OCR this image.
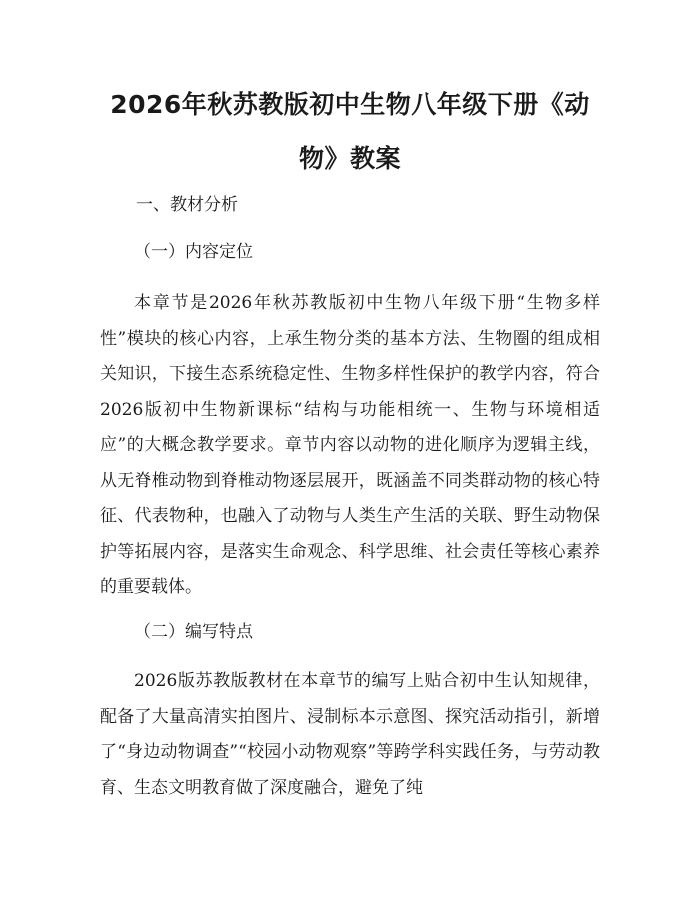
2026年秋苏教版初中生物八年级下册《动物》教案

一、教材分析

（一）内容定位

本章节是2026年秋苏教版初中生物八年级下册“生物多样性”模块的核心内容，上承生物分类的基本方法、生物圈的组成相关知识，下接生态系统稳定性、生物多样性保护的教学内容，符合2026版初中生物新课标“结构与功能相统一、生物与环境相适应”的大概念教学要求。章节内容以动物的进化顺序为逻辑主线，从无脊椎动物到脊椎动物逐层展开，既涵盖不同类群动物的核心特征、代表物种，也融入了动物与人类生产生活的关联、野生动物保护等拓展内容，是落实生命观念、科学思维、社会责任等核心素养的重要载体。

（二）编写特点

2026版苏教版教材在本章节的编写上贴合初中生认知规律，配备了大量高清实拍图片、浸制标本示意图、探究活动指引，新增了“身边动物调查”“校园小动物观察”等跨学科实践任务，与劳动教育、生态文明教育做了深度融合，避免了纯
